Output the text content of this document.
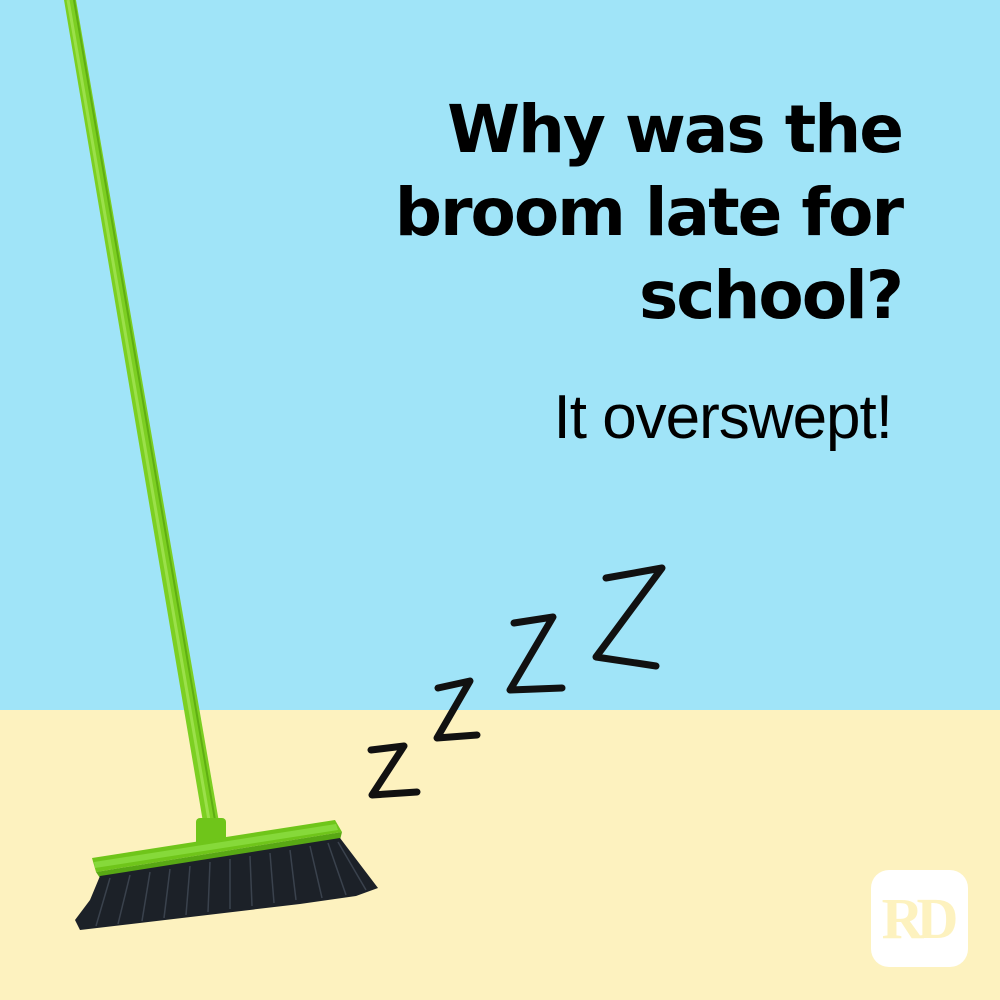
Why was the broom late for school?

It overswept!

RD
